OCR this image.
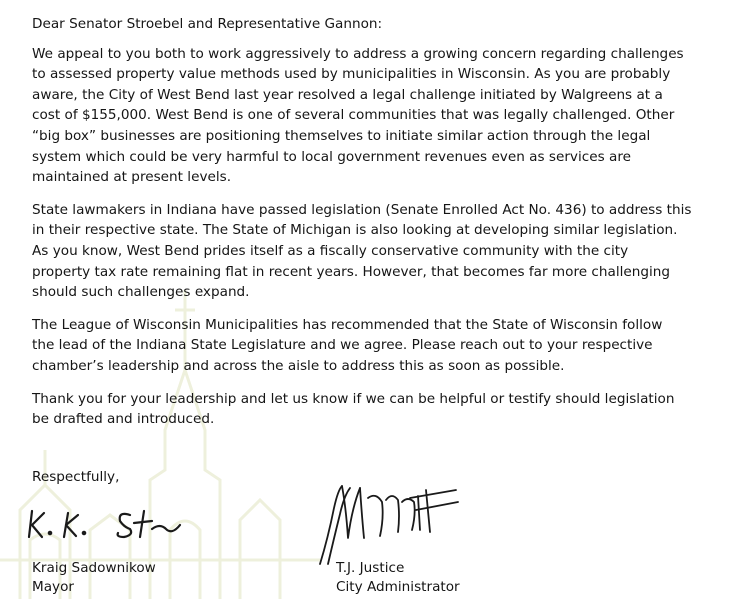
Dear Senator Stroebel and Representative Gannon:

We appeal to you both to work aggressively to address a growing concern regarding challenges
to assessed property value methods used by municipalities in Wisconsin. As you are probably
aware, the City of West Bend last year resolved a legal challenge initiated by Walgreens at a
cost of $155,000. West Bend is one of several communities that was legally challenged. Other
“big box” businesses are positioning themselves to initiate similar action through the legal
system which could be very harmful to local government revenues even as services are
maintained at present levels.

State lawmakers in Indiana have passed legislation (Senate Enrolled Act No. 436) to address this
in their respective state. The State of Michigan is also looking at developing similar legislation.
As you know, West Bend prides itself as a fiscally conservative community with the city
property tax rate remaining flat in recent years. However, that becomes far more challenging
should such challenges expand.

The League of Wisconsin Municipalities has recommended that the State of Wisconsin follow
the lead of the Indiana State Legislature and we agree. Please reach out to your respective
chamber’s leadership and across the aisle to address this as soon as possible.

Thank you for your leadership and let us know if we can be helpful or testify should legislation
be drafted and introduced.

Respectfully,
Kraig Sadownikow
Mayor
T.J. Justice
City Administrator
